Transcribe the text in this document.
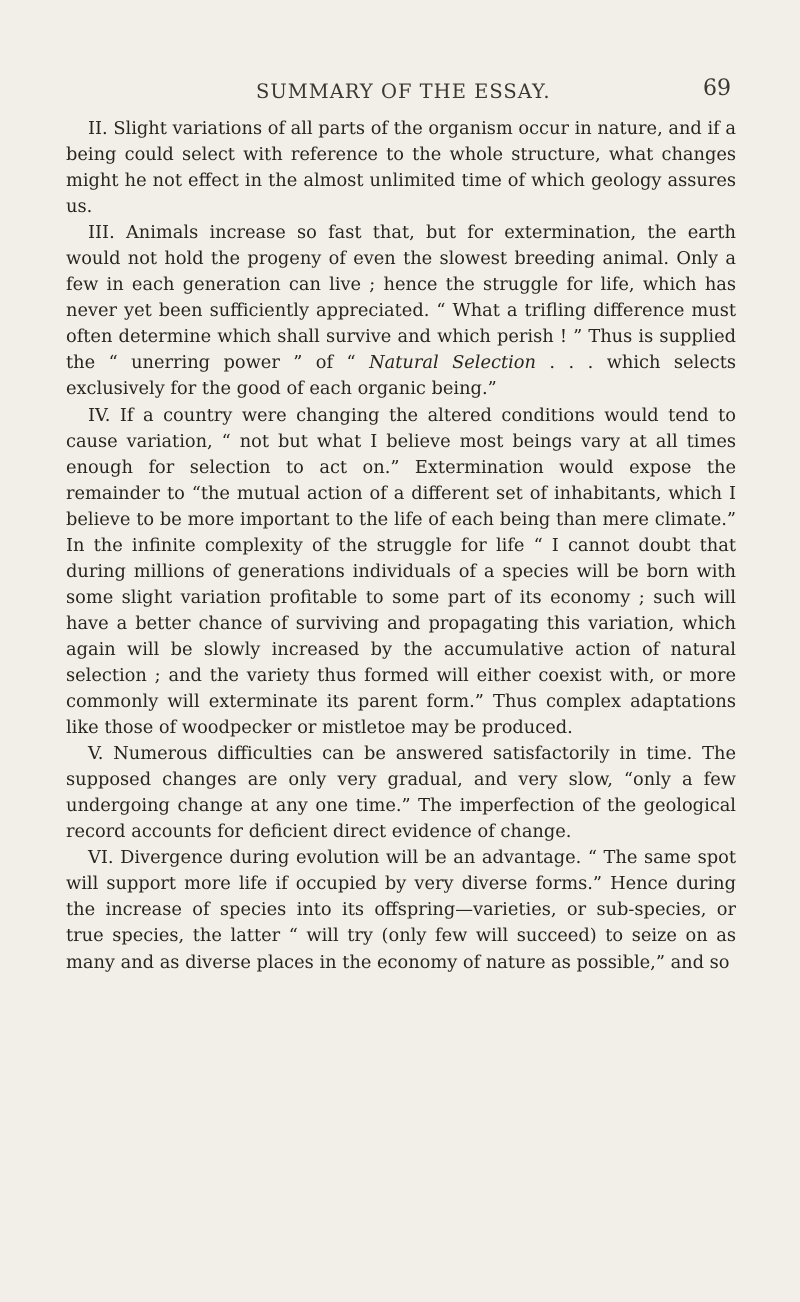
SUMMARY OF THE ESSAY.	69

II. Slight variations of all parts of the organism occur in nature, and if a being could select with reference to the whole structure, what changes might he not effect in the almost unlimited time of which geology assures us.

III. Animals increase so fast that, but for extermination, the earth would not hold the progeny of even the slowest breeding animal. Only a few in each generation can live ; hence the struggle for life, which has never yet been sufficiently appreciated. “ What a trifling difference must often determine which shall survive and which perish ! ” Thus is supplied the “ unerring power ” of “ Natural Selection . . . which selects exclusively for the good of each organic being.”

IV. If a country were changing the altered conditions would tend to cause variation, “ not but what I believe most beings vary at all times enough for selection to act on.” Extermination would expose the remainder to “the mutual action of a different set of inhabitants, which I believe to be more important to the life of each being than mere climate.” In the infinite complexity of the struggle for life “ I cannot doubt that during millions of generations individuals of a species will be born with some slight variation profitable to some part of its economy ; such will have a better chance of surviving and propagating this variation, which again will be slowly increased by the accumulative action of natural selection ; and the variety thus formed will either coexist with, or more commonly will exterminate its parent form.” Thus complex adaptations like those of woodpecker or mistletoe may be produced.

V. Numerous difficulties can be answered satisfactorily in time. The supposed changes are only very gradual, and very slow, “only a few undergoing change at any one time.” The imperfection of the geological record accounts for deficient direct evidence of change.

VI. Divergence during evolution will be an advantage. “ The same spot will support more life if occupied by very diverse forms.” Hence during the increase of species into its offspring—varieties, or sub-species, or true species, the latter “ will try (only few will succeed) to seize on as many and as diverse places in the economy of nature as possible,” and so
